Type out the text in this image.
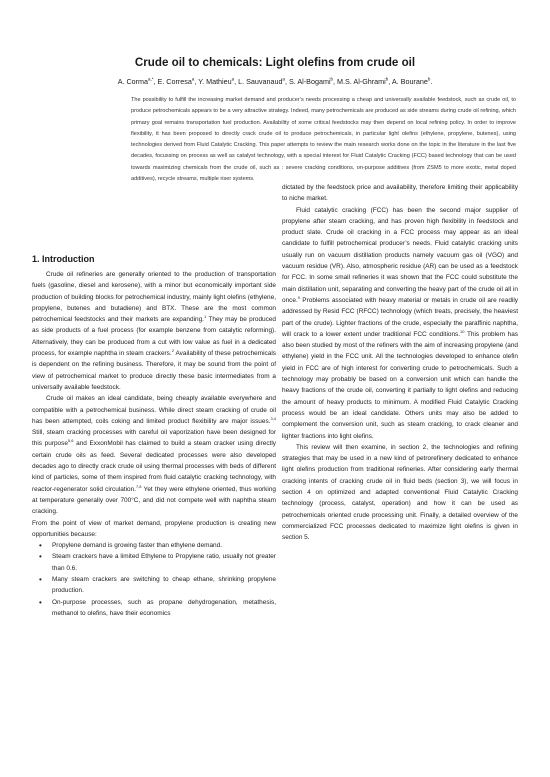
Crude oil to chemicals: Light olefins from crude oil
A. Corma$^{a,*}$, E. Corresa$^a$, Y. Mathieu$^a$, L. Sauvanaud$^a$, S. Al-Bogami$^b$, M.S. Al-Ghrami$^b$, A. Bourane$^b$.
The possibility to fulfill the increasing market demand and producer’s needs processing a cheap and universally available feedstock, such as crude oil, to produce petrochemicals appears to be a very attractive strategy. Indeed, many petrochemicals are produced as side streams during crude oil refining, which primary goal remains transportation fuel production. Availability of some critical feedstocks may then depend on local refining policy. In order to improve flexibility, it has been proposed to directly crack crude oil to produce petrochemicals, in particular light olefins (ethylene, propylene, butenes), using technologies derived from Fluid Catalytic Cracking. This paper attempts to review the main research works done on the topic in the literature in the last five decades, focussing on process as well as catalyst technology, with a special interest for Fluid Catalytic Cracking (FCC) based technology that can be used towards maximizing chemicals from the crude oil, such as : severe cracking conditions, on-purpose additives (from ZSM5 to more exotic, metal doped additives), recycle streams, multiple riser systems.
1. Introduction

Crude oil refineries are generally oriented to the production of transportation fuels (gasoline, diesel and kerosene), with a minor but economically important side production of building blocks for petrochemical industry, mainly light olefins (ethylene, propylene, butenes and butadiene) and BTX. These are the most common petrochemical feedstocks and their markets are expanding.$^1$ They may be produced as side products of a fuel process (for example benzene from catalytic reforming). Alternatively, they can be produced from a cut with low value as fuel in a dedicated process, for example naphtha in steam crackers.$^2$ Availability of these petrochemicals is dependent on the refining business. Therefore, it may be sound from the point of view of petrochemical market to produce directly these basic intermediates from a universally available feedstock.

Crude oil makes an ideal candidate, being cheaply available everywhere and compatible with a petrochemical business. While direct steam cracking of crude oil has been attempted, coils coking and limited product flexibility are major issues.$^{3,4}$ Still, steam cracking processes with careful oil vaporization have been designed for this purpose$^{5,6}$ and ExxonMobil has claimed to build a steam cracker using directly certain crude oils as feed. Several dedicated processes were also developed decades ago to directly crack crude oil using thermal processes with beds of different kind of particles, some of them inspired from fluid catalytic cracking technology, with reactor-regenerator solid circulation.$^{7,8}$ Yet they were ethylene oriented, thus working at temperature generally over 700°C, and did not compete well with naphtha steam cracking.

From the point of view of market demand, propylene production is creating new opportunities because:

• Propylene demand is growing faster than ethylene demand.
• Steam crackers have a limited Ethylene to Propylene ratio, usually not greater than 0.6.
• Many steam crackers are switching to cheap ethane, shrinking propylene production.
• On-purpose processes, such as propane dehydrogenation, metathesis, methanol to olefins, have their economics

dictated by the feedstock price and availability, therefore limiting their applicability to niche market.

Fluid catalytic cracking (FCC) has been the second major supplier of propylene after steam cracking, and has proven high flexibility in feedstock and product slate. Crude oil cracking in a FCC process may appear as an ideal candidate to fulfill petrochemical producer’s needs. Fluid catalytic cracking units usually run on vacuum distillation products namely vacuum gas oil (VGO) and vacuum residue (VR). Also, atmospheric residue (AR) can be used as a feedstock for FCC. In some small refineries it was shown that the FCC could substitute the main distillation unit, separating and converting the heavy part of the crude oil all in once.$^9$ Problems associated with heavy material or metals in crude oil are readily addressed by Resid FCC (RFCC) technology (which treats, precisely, the heaviest part of the crude). Lighter fractions of the crude, especially the paraffinic naphtha, will crack to a lower extent under traditional FCC conditions.$^{10}$ This problem has also been studied by most of the refiners with the aim of increasing propylene (and ethylene) yield in the FCC unit. All the technologies developed to enhance olefin yield in FCC are of high interest for converting crude to petrochemicals. Such a technology may probably be based on a conversion unit which can handle the heavy fractions of the crude oil, converting it partially to light olefins and reducing the amount of heavy products to minimum. A modified Fluid Catalytic Cracking process would be an ideal candidate. Others units may also be added to complement the conversion unit, such as steam cracking, to crack cleaner and lighter fractions into light olefins.

This review will then examine, in section 2, the technologies and refining strategies that may be used in a new kind of petrorefinery dedicated to enhance light olefins production from traditional refineries. After considering early thermal cracking intents of cracking crude oil in fluid beds (section 3), we will focus in section 4 on optimized and adapted conventional Fluid Catalytic Cracking technology (process, catalyst, operation) and how it can be used as petrochemicals oriented crude processing unit. Finally, a detailed overview of the commercialized FCC processes dedicated to maximize light olefins is given in section 5.
